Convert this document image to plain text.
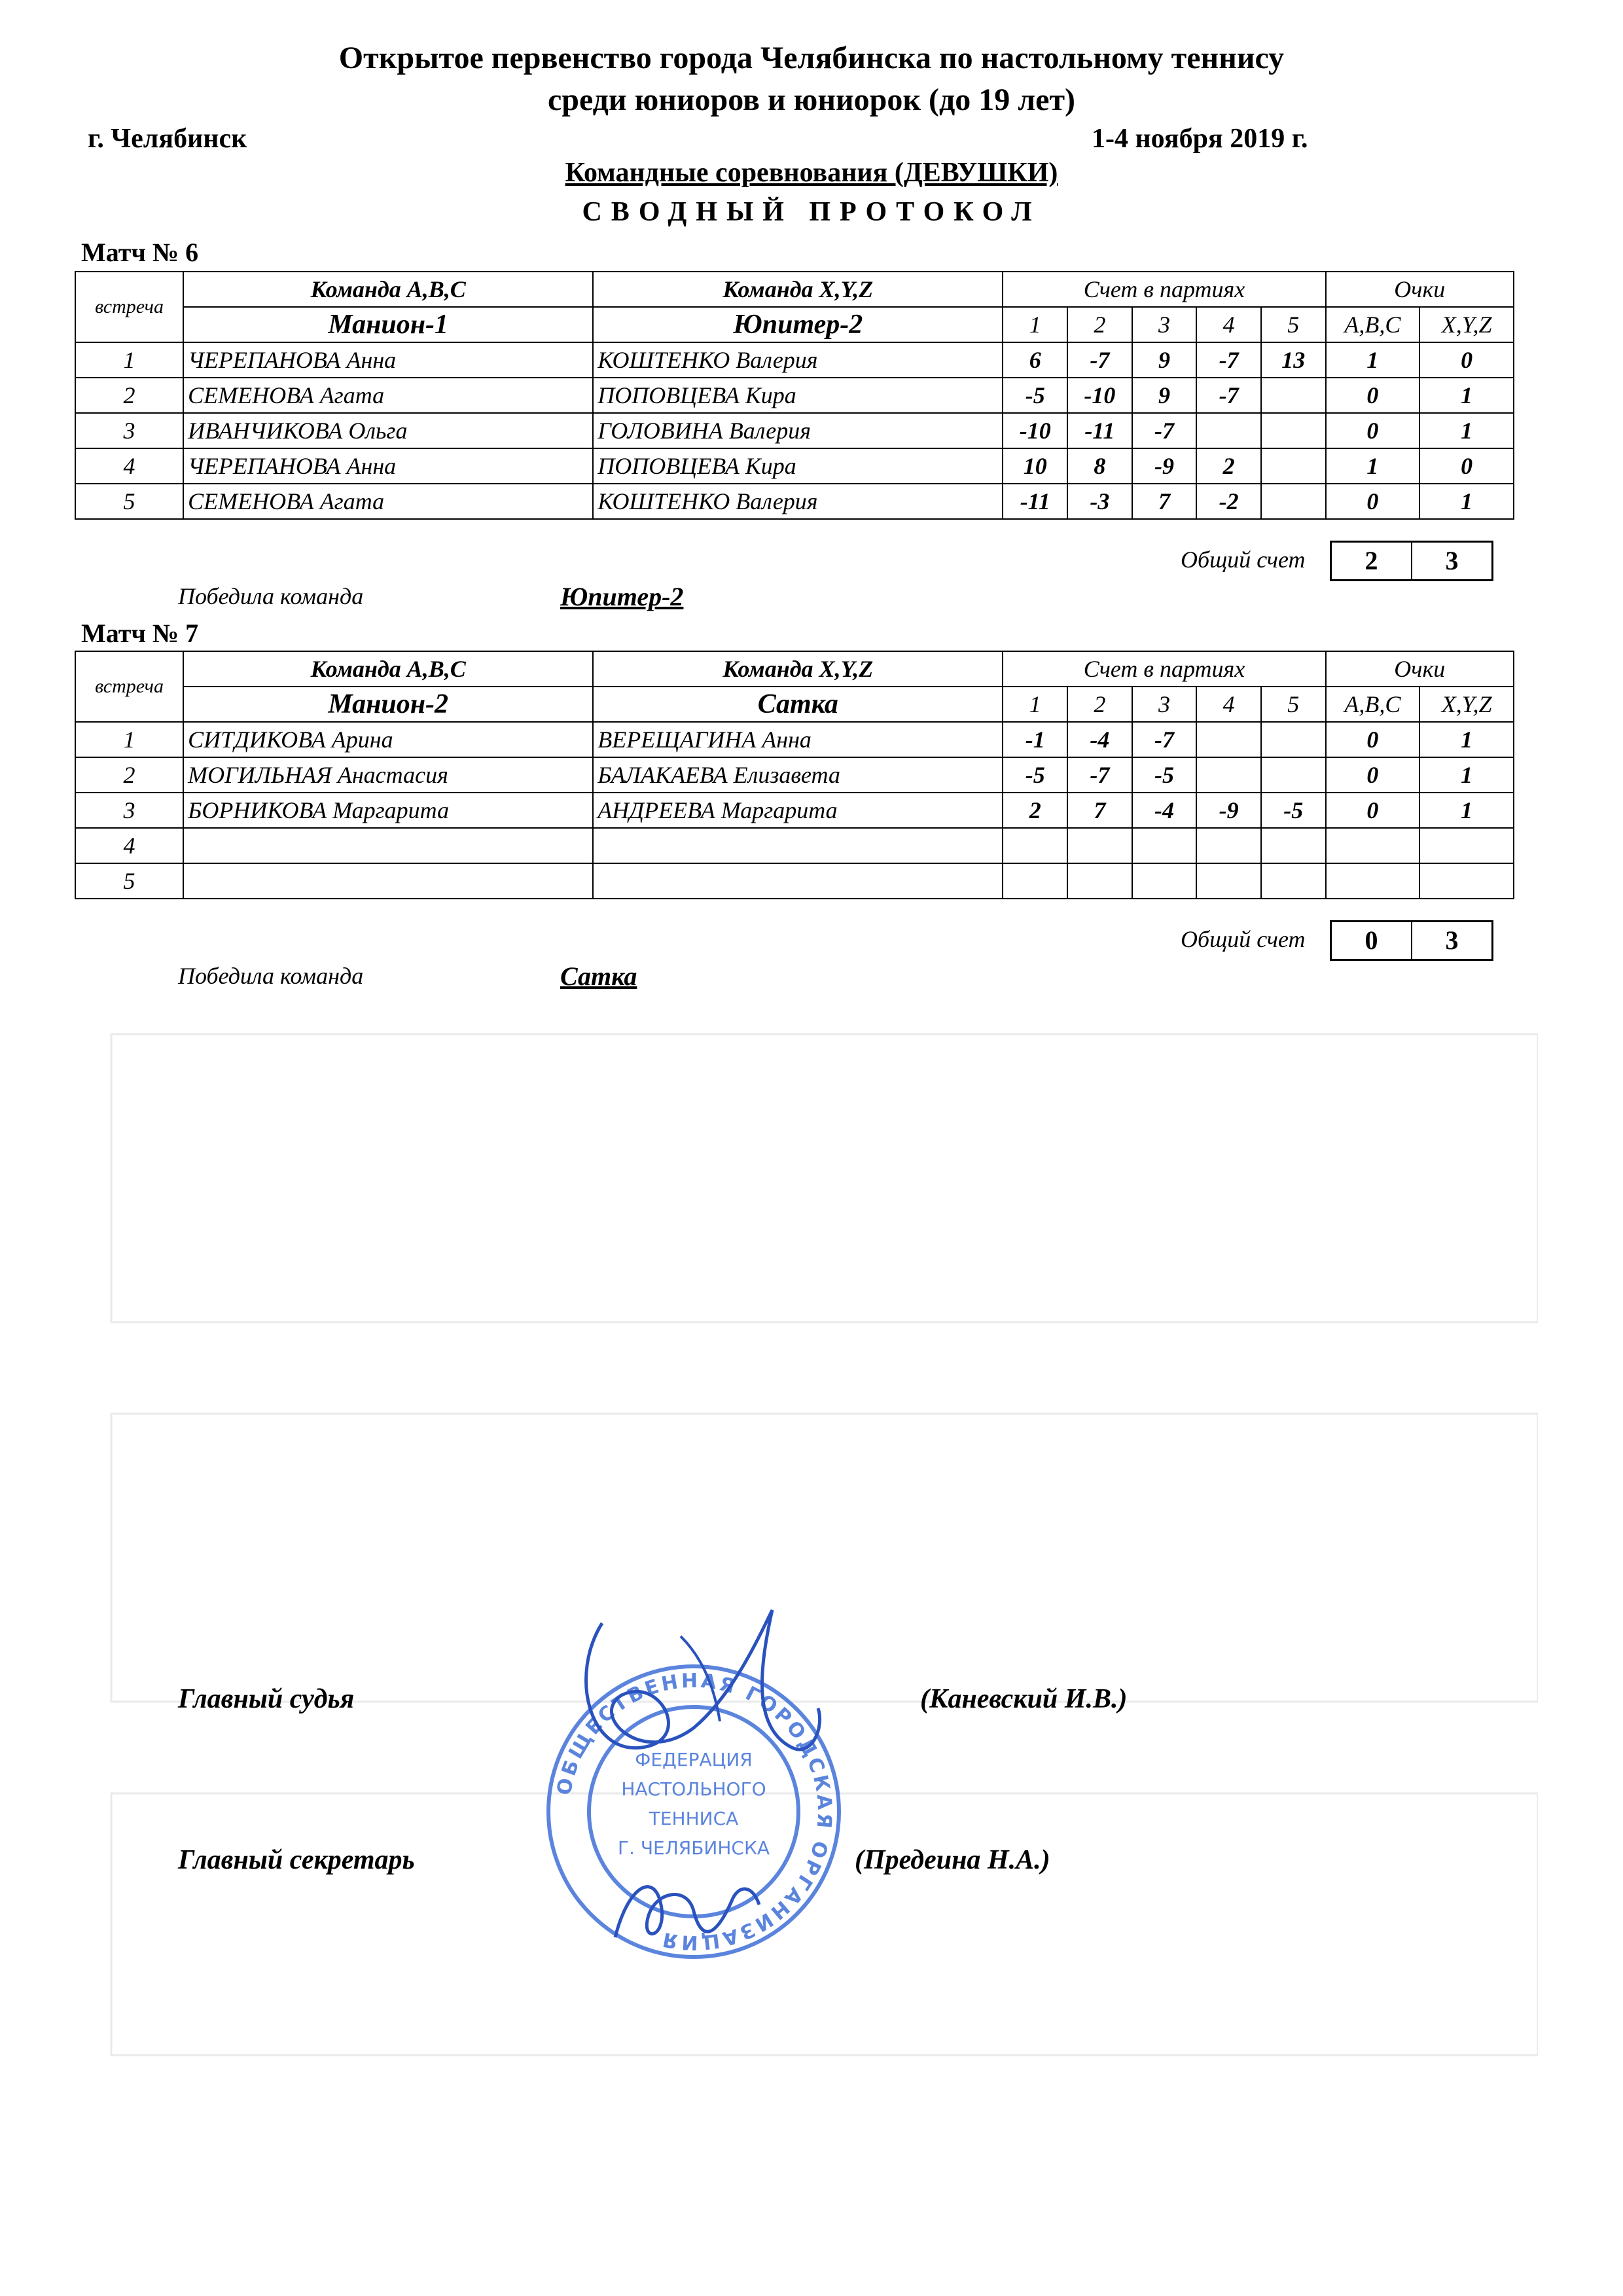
Открытое первенство города Челябинска по настольному теннису
среди юниоров и юниорок (до 19 лет)
г. Челябинск	1-4 ноября 2019 г.
Командные соревнования (ДЕВУШКИ)
СВОДНЫЙ ПРОТОКОЛ
Матч № 6
встреча	Команда A,B,C	Команда X,Y,Z	Счет в партиях					Очки	
	Манион-1	Юпитер-2	1	2	3	4	5	A,B,C	X,Y,Z
1	ЧЕРЕПАНОВА Анна	КОШТЕНКО Валерия	6	-7	9	-7	13	1	0
2	СЕМЕНОВА Агата	ПОПОВЦЕВА Кира	-5	-10	9	-7		0	1
3	ИВАНЧИКОВА Ольга	ГОЛОВИНА Валерия	-10	-11	-7			0	1
4	ЧЕРЕПАНОВА Анна	ПОПОВЦЕВА Кира	10	8	-9	2		1	0
5	СЕМЕНОВА Агата	КОШТЕНКО Валерия	-11	-3	7	-2		0	1
Общий счет	2	3
Победила команда	Юпитер-2
Матч № 7
встреча	Команда A,B,C	Команда X,Y,Z	Счет в партиях					Очки	
	Манион-2	Сатка	1	2	3	4	5	A,B,C	X,Y,Z
1	СИТДИКОВА Арина	ВЕРЕЩАГИНА Анна	-1	-4	-7			0	1
2	МОГИЛЬНАЯ Анастасия	БАЛАКАЕВА Елизавета	-5	-7	-5			0	1
3	БОРНИКОВА Маргарита	АНДРЕЕВА Маргарита	2	7	-4	-9	-5	0	1
4									
5									
Общий счет	0	3
Победила команда	Сатка
Главный судья	(Каневский И.В.)
Главный секретарь	(Предеина Н.А.)
ОБЩЕСТВЕННАЯ ГОРОДСКАЯ ОРГАНИЗАЦИЯ
ФЕДЕРАЦИЯ
НАСТОЛЬНОГО
ТЕННИСА
Г. ЧЕЛЯБИНСКА
